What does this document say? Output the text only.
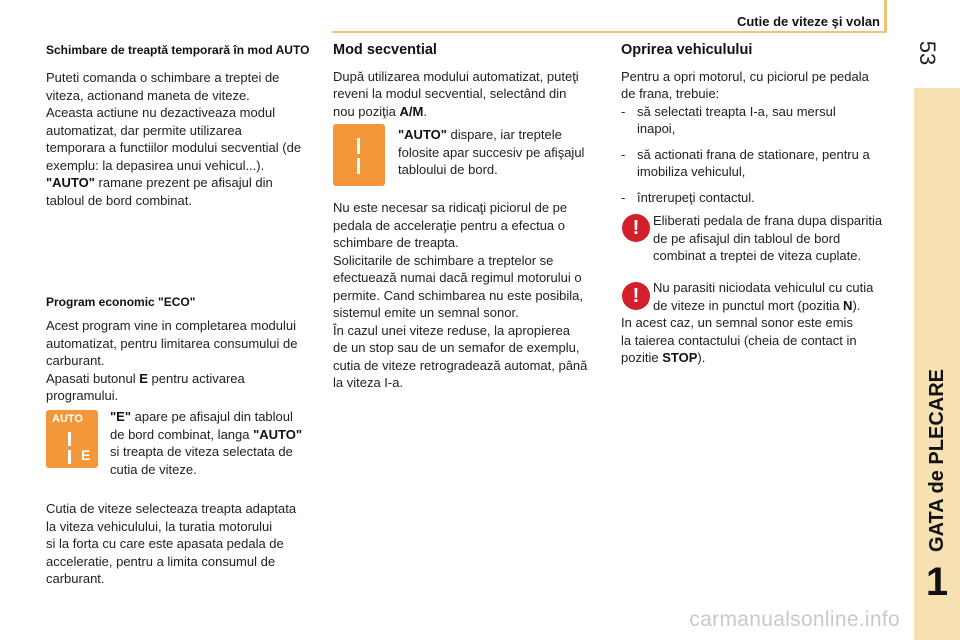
Cutie de viteze şi volan
53
GATA de PLECARE
1

Schimbare de treaptă temporară în mod AUTO

Puteti comanda o schimbare a treptei de

viteza, actionand maneta de viteze.

Aceasta actiune nu dezactiveaza modul

automatizat, dar permite utilizarea

temporara a functiilor modului secvential (de

exemplu: la depasirea unui vehicul...).

"AUTO" ramane prezent pe afisajul din

tabloul de bord combinat.

Program economic "ECO"

Acest program vine in completarea modului

automatizat, pentru limitarea consumului de

carburant.

Apasati butonul E pentru activarea

programului.

AUTO
E

"E" apare pe afisajul din tabloul

de bord combinat, langa "AUTO"

si treapta de viteza selectata de

cutia de viteze.

Cutia de viteze selecteaza treapta adaptata

la viteza vehiculului, la turatia motorului

si la forta cu care este apasata pedala de

acceleratie, pentru a limita consumul de

carburant.

Mod secvential

După utilizarea modului automatizat, puteţi

reveni la modul secvential, selectând din

nou poziţia A/M.

"AUTO" dispare, iar treptele

folosite apar succesiv pe afişajul

tabloului de bord.

Nu este necesar sa ridicaţi piciorul de pe

pedala de acceleraţie pentru a efectua o

schimbare de treapta.

Solicitarile de schimbare a treptelor se

efectuează numai dacă regimul motorului o

permite. Cand schimbarea nu este posibila,

sistemul emite un semnal sonor.

În cazul unei viteze reduse, la apropierea

de un stop sau de un semafor de exemplu,

cutia de viteze retrogradează automat, până

la viteza I-a.

Oprirea vehiculului

Pentru a opri motorul, cu piciorul pe pedala

de frana, trebuie:

- să selectati treapta I-a, sau mersul

inapoi,

- să actionati frana de stationare, pentru a

imobiliza vehiculul,

- întrerupeţi contactul.

!	Eliberati pedala de frana dupa disparitia

de pe afisajul din tabloul de bord

combinat a treptei de viteza cuplate.

!	Nu parasiti niciodata vehiculul cu cutia

de viteze in punctul mort (pozitia N).

In acest caz, un semnal sonor este emis

la taierea contactului (cheia de contact in

pozitie STOP).

carmanualsonline.info
